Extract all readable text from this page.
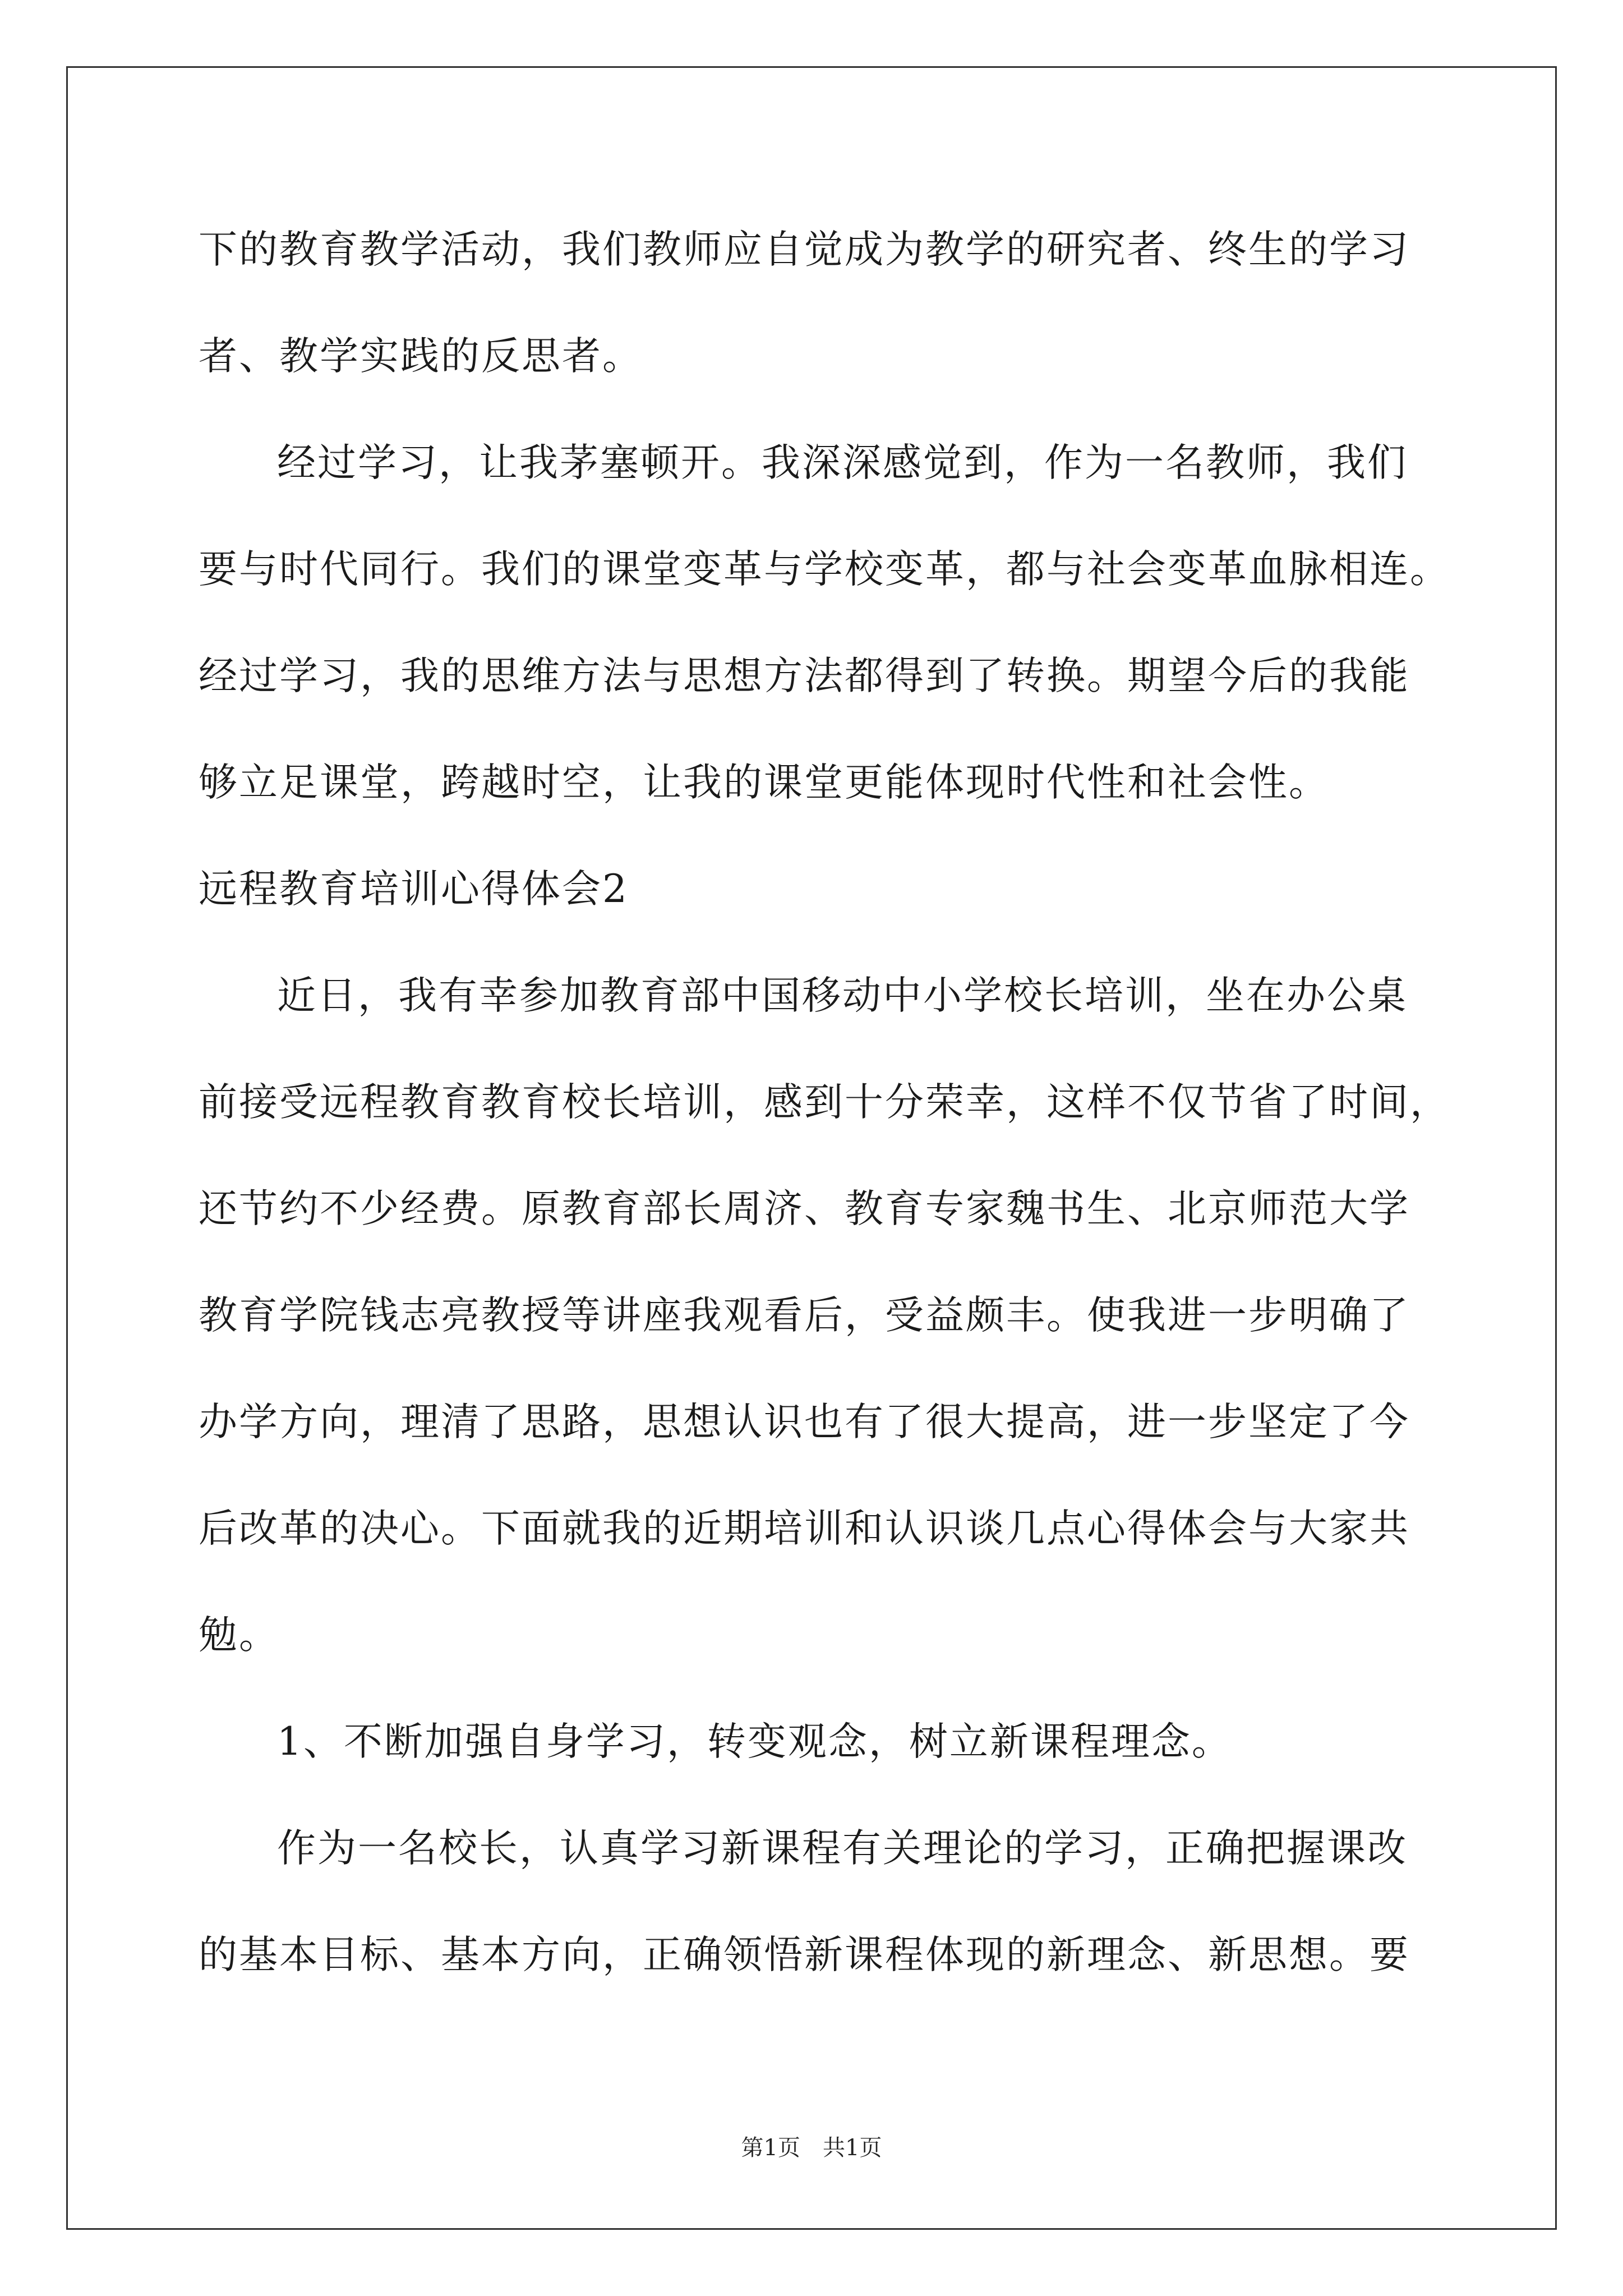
下的教育教学活动，我们教师应自觉成为教学的研究者、终生的学习
者、教学实践的反思者。
经过学习，让我茅塞顿开。我深深感觉到，作为一名教师，我们
要与时代同行。我们的课堂变革与学校变革，都与社会变革血脉相连。
经过学习，我的思维方法与思想方法都得到了转换。期望今后的我能
够立足课堂，跨越时空，让我的课堂更能体现时代性和社会性。
远程教育培训心得体会2
近日，我有幸参加教育部中国移动中小学校长培训，坐在办公桌
前接受远程教育教育校长培训，感到十分荣幸，这样不仅节省了时间，
还节约不少经费。原教育部长周济、教育专家魏书生、北京师范大学
教育学院钱志亮教授等讲座我观看后，受益颇丰。使我进一步明确了
办学方向，理清了思路，思想认识也有了很大提高，进一步坚定了今
后改革的决心。下面就我的近期培训和认识谈几点心得体会与大家共
勉。
1、不断加强自身学习，转变观念，树立新课程理念。
作为一名校长，认真学习新课程有关理论的学习，正确把握课改
的基本目标、基本方向，正确领悟新课程体现的新理念、新思想。要
第1页　共1页
